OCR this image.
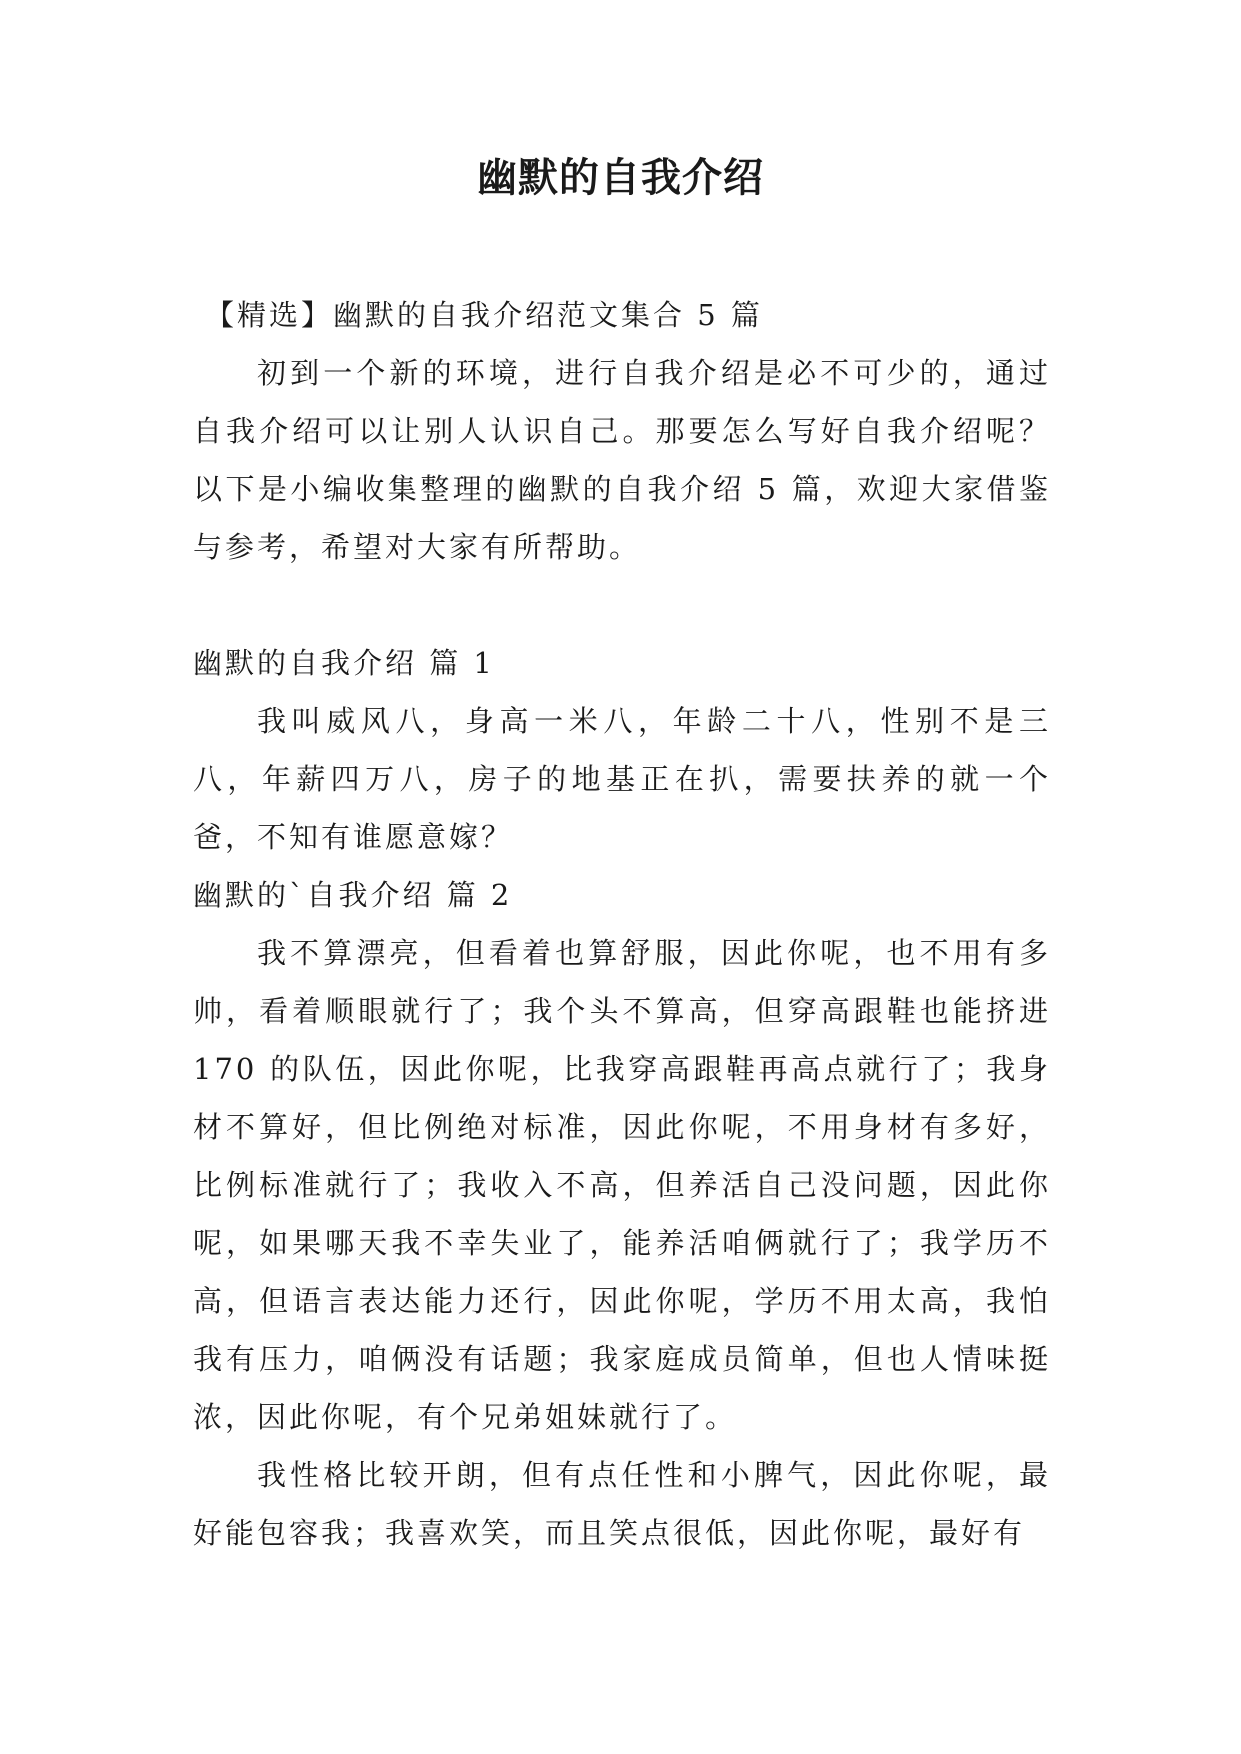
幽默的自我介绍

【精选】幽默的自我介绍范文集合 5 篇

初到一个新的环境，进行自我介绍是必不可少的，通过自我介绍可以让别人认识自己。那要怎么写好自我介绍呢？以下是小编收集整理的幽默的自我介绍 5 篇，欢迎大家借鉴与参考，希望对大家有所帮助。

幽默的自我介绍 篇 1

我叫威风八，身高一米八，年龄二十八，性别不是三八，年薪四万八，房子的地基正在扒，需要扶养的就一个爸，不知有谁愿意嫁？

幽默的`自我介绍 篇 2

我不算漂亮，但看着也算舒服，因此你呢，也不用有多帅，看着顺眼就行了；我个头不算高，但穿高跟鞋也能挤进 170 的队伍，因此你呢，比我穿高跟鞋再高点就行了；我身材不算好，但比例绝对标准，因此你呢，不用身材有多好，比例标准就行了；我收入不高，但养活自己没问题，因此你呢，如果哪天我不幸失业了，能养活咱俩就行了；我学历不高，但语言表达能力还行，因此你呢，学历不用太高，我怕我有压力，咱俩没有话题；我家庭成员简单，但也人情味挺浓，因此你呢，有个兄弟姐妹就行了。

我性格比较开朗，但有点任性和小脾气，因此你呢，最好能包容我；我喜欢笑，而且笑点很低，因此你呢，最好有
